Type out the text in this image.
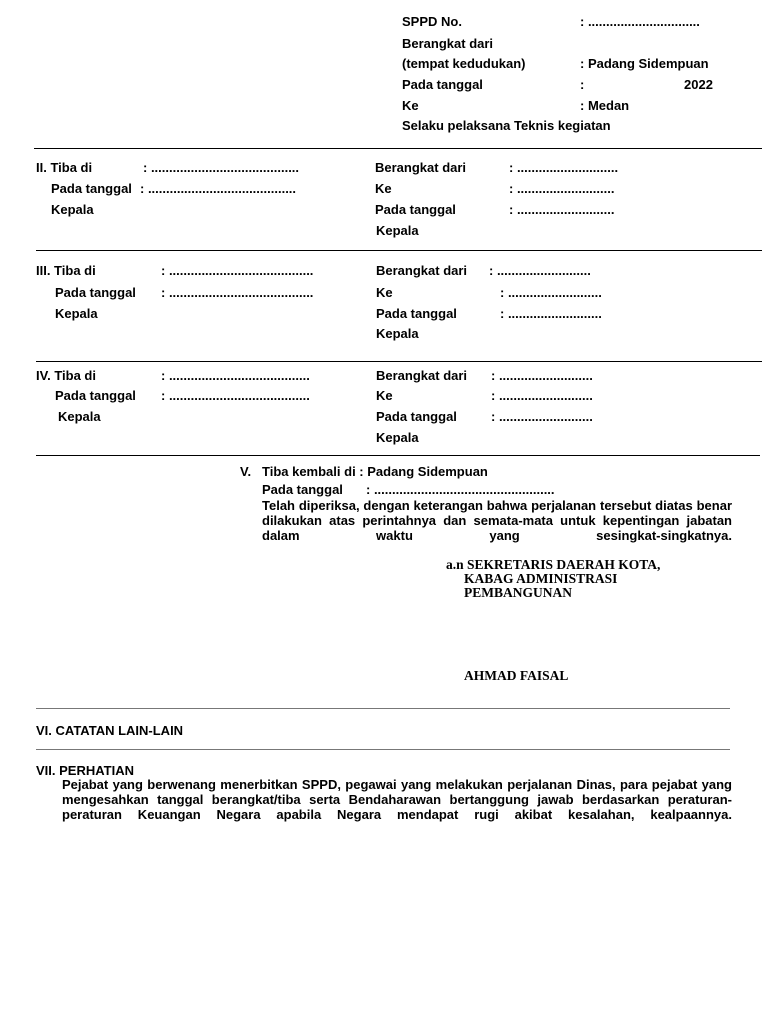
SPPD No.	: ...............................
Berangkat dari
(tempat kedudukan)	: Padang Sidempuan
Pada tanggal	:	2022
Ke	: Medan
Selaku pelaksana Teknis kegiatan
II. Tiba di	: .........................................
Pada tanggal : .........................................
Kepala
Berangkat dari	: ............................
Ke	: ...........................
Pada tanggal	: ...........................
Kepala
III. Tiba di	: ........................................
Pada tanggal : ........................................
Kepala
Berangkat dari : ..........................
Ke	: ..........................
Pada tanggal	: ..........................
Kepala
IV. Tiba di	: .......................................
Pada tanggal : .......................................
Kepala
Berangkat dari : ..........................
Ke	: ..........................
Pada tanggal	: ..........................
Kepala
V. Tiba kembali di : Padang Sidempuan
Pada tanggal : ..................................................
Telah diperiksa, dengan keterangan bahwa perjalanan tersebut diatas benar dilakukan atas perintahnya dan semata-mata untuk kepentingan jabatan dalam waktu yang sesingkat-singkatnya.
a.n SEKRETARIS DAERAH KOTA,
KABAG ADMINISTRASI
PEMBANGUNAN
AHMAD FAISAL
VI. CATATAN LAIN-LAIN
VII. PERHATIAN
Pejabat yang berwenang menerbitkan SPPD, pegawai yang melakukan perjalanan Dinas, para pejabat yang mengesahkan tanggal berangkat/tiba serta Bendaharawan bertanggung jawab berdasarkan peraturan-peraturan Keuangan Negara apabila Negara mendapat rugi akibat kesalahan, kealpaannya.
